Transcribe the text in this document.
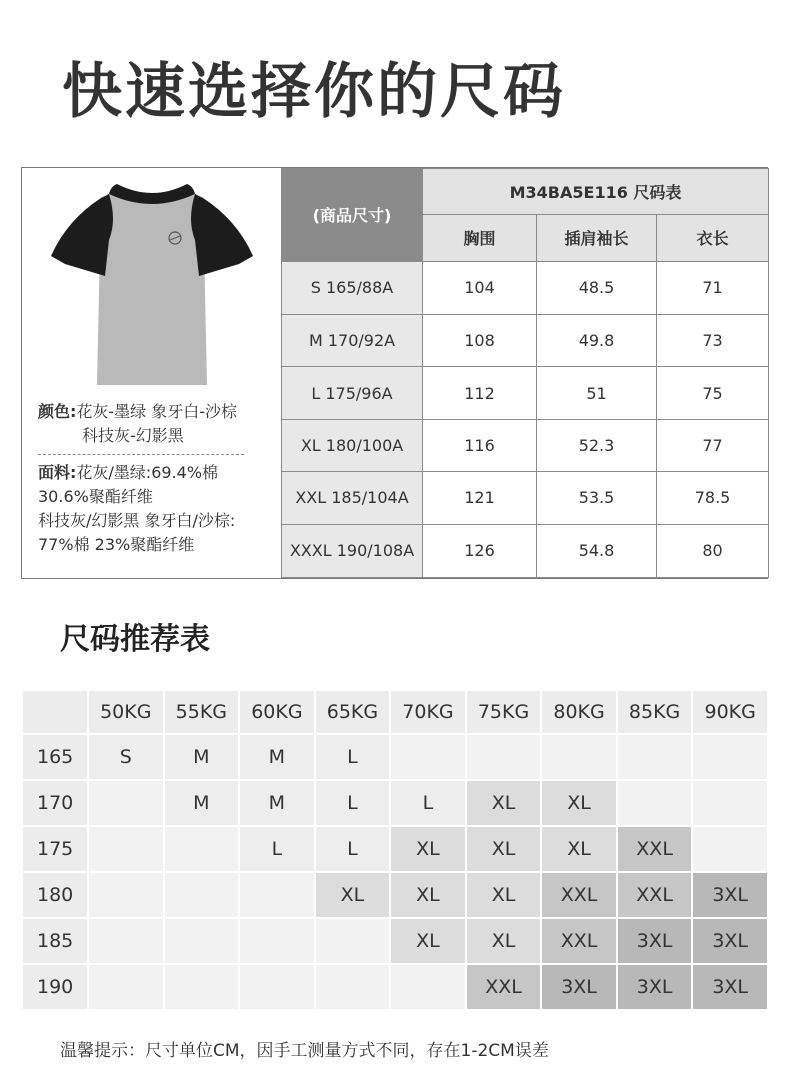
快速选择你的尺码
颜色:花灰-墨绿 象牙白-沙棕
科技灰-幻影黑
面料:花灰/墨绿:69.4%棉
30.6%聚酯纤维
科技灰/幻影黑 象牙白/沙棕:
77%棉 23%聚酯纤维
(商品尺寸)	M34BA5E116 尺码表		
	胸围	插肩袖长	衣长
S 165/88A	104	48.5	71
M 170/92A	108	49.8	73
L 175/96A	112	51	75
XL 180/100A	116	52.3	77
XXL 185/104A	121	53.5	78.5
XXXL 190/108A	126	54.8	80
尺码推荐表
	50KG	55KG	60KG	65KG	70KG	75KG	80KG	85KG	90KG
165	S	M	M	L					
170		M	M	L	L	XL	XL		
175			L	L	XL	XL	XL	XXL	
180				XL	XL	XL	XXL	XXL	3XL
185					XL	XL	XXL	3XL	3XL
190						XXL	3XL	3XL	3XL

温馨提示：尺寸单位CM，因手工测量方式不同，存在1-2CM误差
